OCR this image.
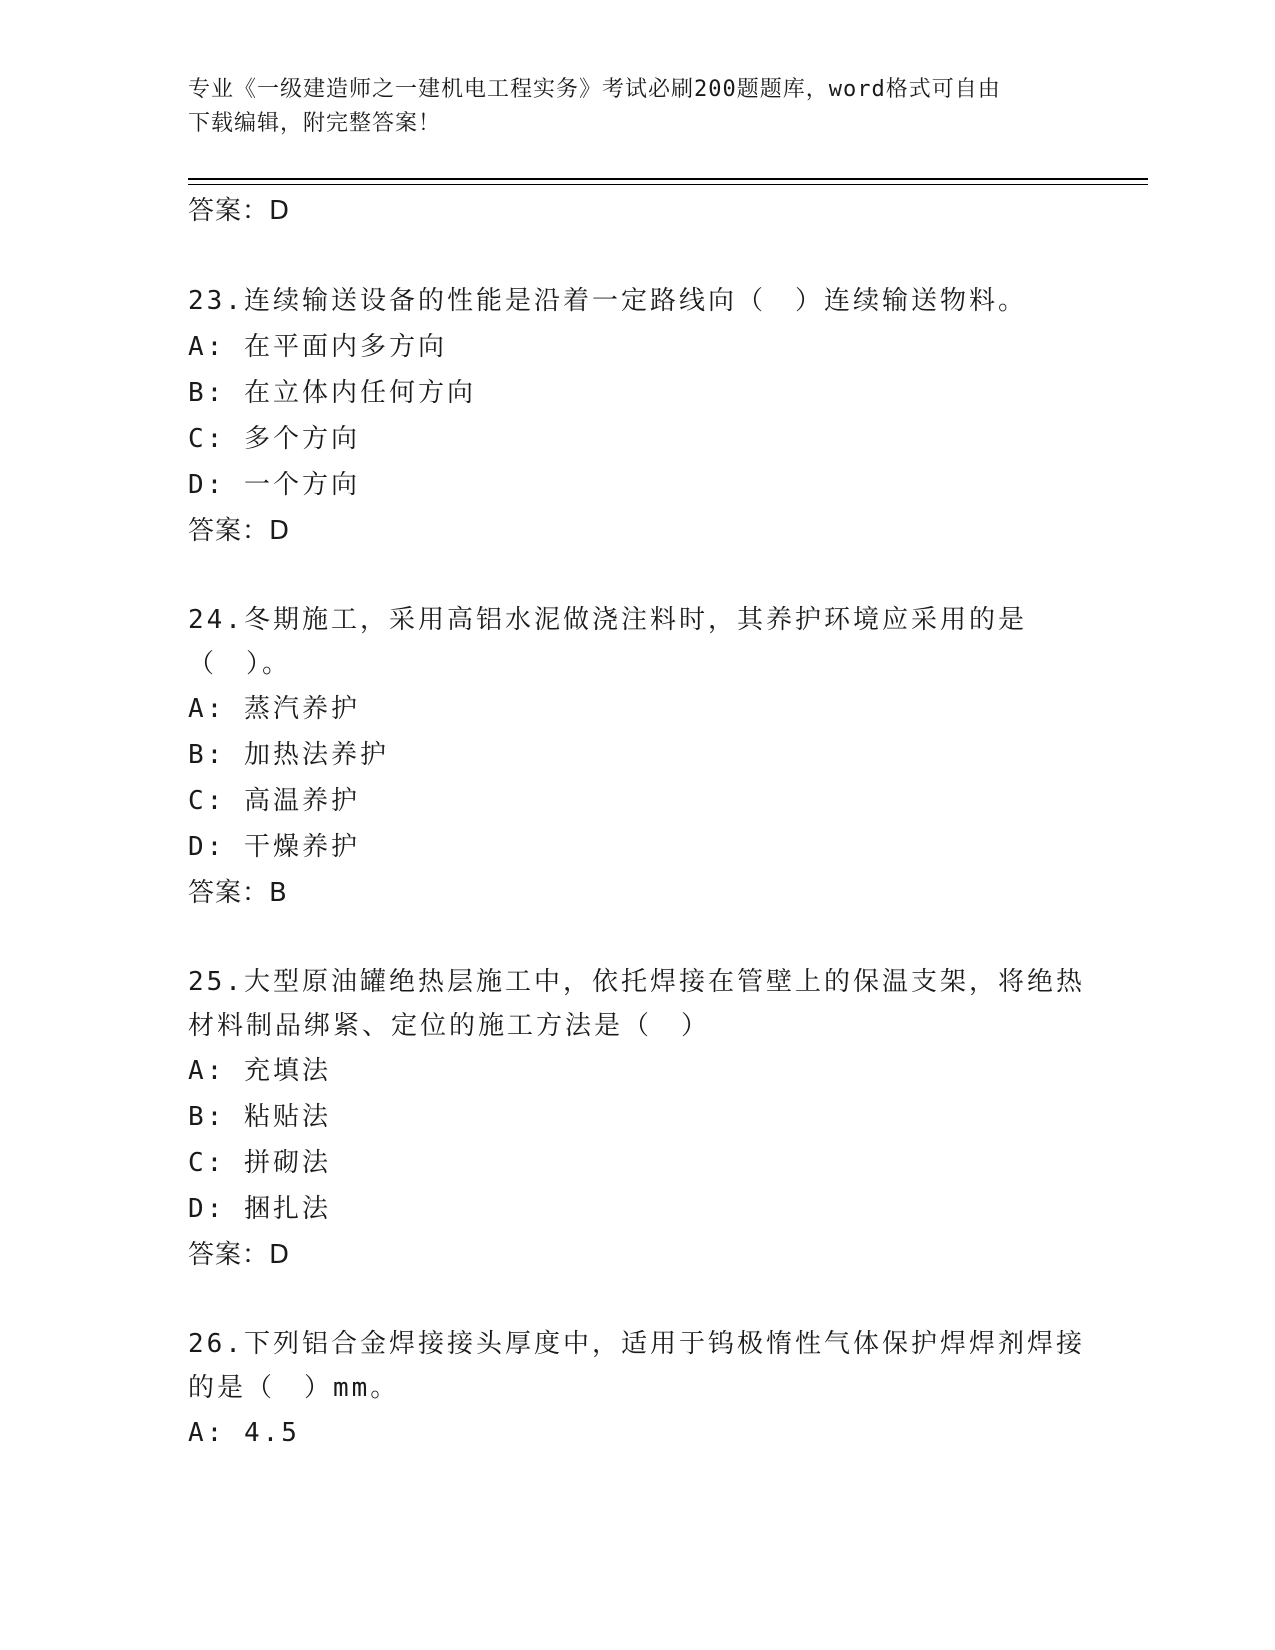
专业《一级建造师之一建机电工程实务》考试必刷200题题库，word格式可自由
下载编辑，附完整答案！
答案：D
23.连续输送设备的性能是沿着一定路线向（　）连续输送物料。
A: 在平面内多方向
B: 在立体内任何方向
C: 多个方向
D: 一个方向
答案：D
24.冬期施工，采用高铝水泥做浇注料时，其养护环境应采用的是（　）。
A: 蒸汽养护
B: 加热法养护
C: 高温养护
D: 干燥养护
答案：B
25.大型原油罐绝热层施工中，依托焊接在管壁上的保温支架，将绝热材料制品绑紧、定位的施工方法是（　）
A: 充填法
B: 粘贴法
C: 拼砌法
D: 捆扎法
答案：D
26.下列铝合金焊接接头厚度中，适用于钨极惰性气体保护焊焊剂焊接的是（　）mm。
A: 4.5
